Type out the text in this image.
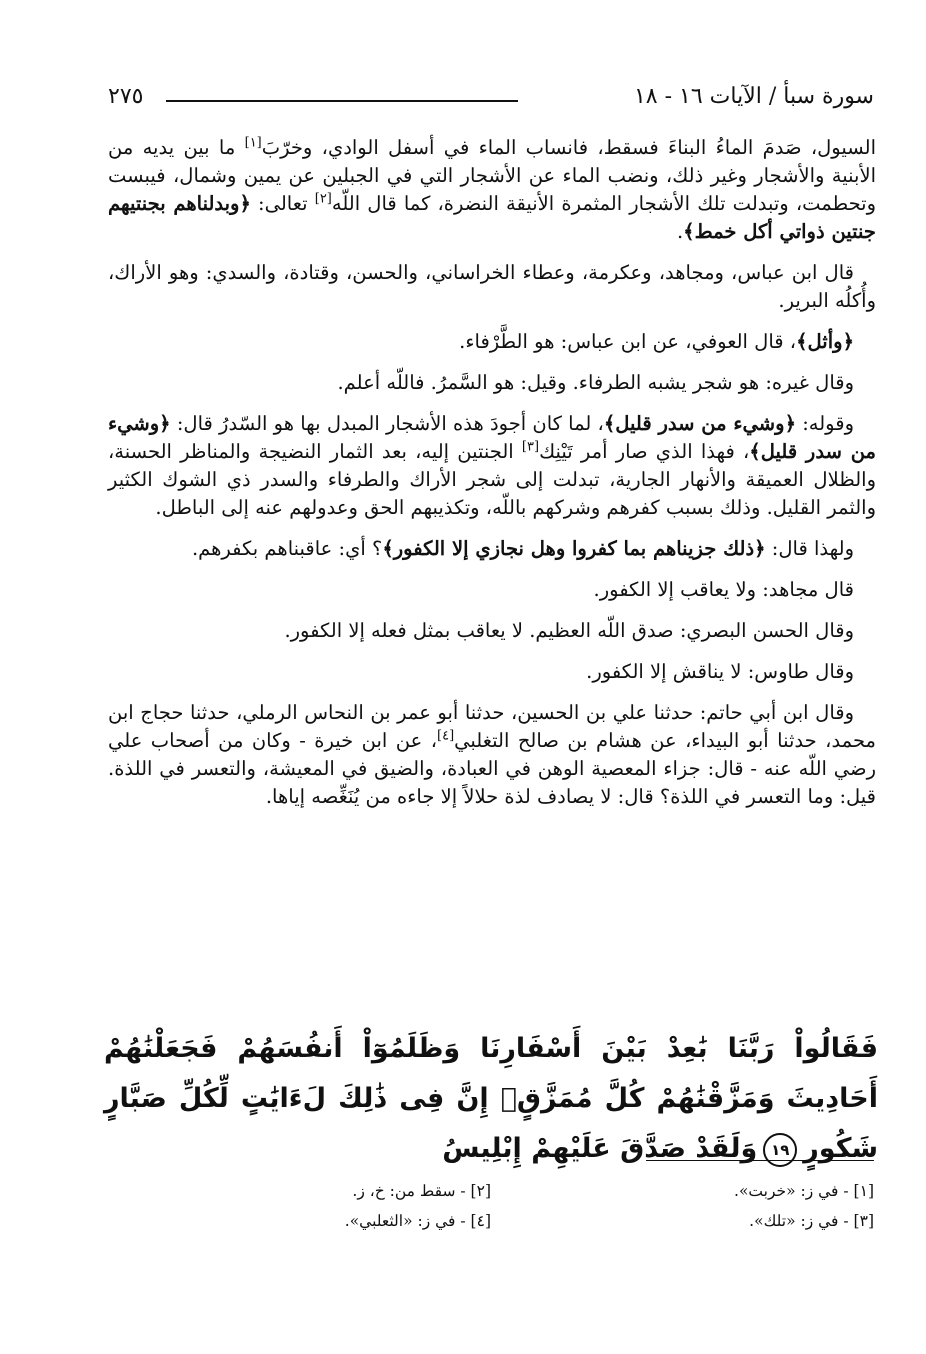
سورة سبأ / الآيات ١٦ - ١٨
٢٧٥

السيول، صَدمَ الماءُ البناءَ فسقط، فانساب الماء في أسفل الوادي، وخرّبَ[١] ما بين يديه من الأبنية والأشجار وغير ذلك، ونضب الماء عن الأشجار التي في الجبلين عن يمين وشمال، فيبست وتحطمت، وتبدلت تلك الأشجار المثمرة الأنيقة النضرة، كما قال اللّه[٢] تعالى: ﴿وبدلناهم بجنتيهم جنتين ذواتي أكل خمط﴾.

قال ابن عباس، ومجاهد، وعكرمة، وعطاء الخراساني، والحسن، وقتادة، والسدي: وهو الأراك، وأُكلُه البرير.

﴿وأثل﴾، قال العوفي، عن ابن عباس: هو الطَّرْفاء.

وقال غيره: هو شجر يشبه الطرفاء. وقيل: هو السَّمرُ. فاللّه أعلم.

وقوله: ﴿وشيء من سدر قليل﴾، لما كان أجودَ هذه الأشجار المبدل بها هو السّدرُ قال: ﴿وشيء من سدر قليل﴾، فهذا الذي صار أمر تَيْنِك[٣] الجنتين إليه، بعد الثمار النضيجة والمناظر الحسنة، والظلال العميقة والأنهار الجارية، تبدلت إلى شجر الأراك والطرفاء والسدر ذي الشوك الكثير والثمر القليل. وذلك بسبب كفرهم وشركهم باللّه، وتكذيبهم الحق وعدولهم عنه إلى الباطل.

ولهذا قال: ﴿ذلك جزيناهم بما كفروا وهل نجازي إلا الكفور﴾؟ أي: عاقبناهم بكفرهم.

قال مجاهد: ولا يعاقب إلا الكفور.

وقال الحسن البصري: صدق اللّه العظيم. لا يعاقب بمثل فعله إلا الكفور.

وقال طاوس: لا يناقش إلا الكفور.

وقال ابن أبي حاتم: حدثنا علي بن الحسين، حدثنا أبو عمر بن النحاس الرملي، حدثنا حجاج ابن محمد، حدثنا أبو البيداء، عن هشام بن صالح التغلبي[٤]، عن ابن خيرة - وكان من أصحاب علي رضي اللّه عنه - قال: جزاء المعصية الوهن في العبادة، والضيق في المعيشة، والتعسر في اللذة. قيل: وما التعسر في اللذة؟ قال: لا يصادف لذة حلالاً إلا جاءه من يُنَغِّصه إياها.

فَقَالُواْ رَبَّنَا بَٰعِدْ بَيْنَ أَسْفَارِنَا وَظَلَمُوٓاْ أَنفُسَهُمْ فَجَعَلْنَٰهُمْ أَحَادِيثَ وَمَزَّقْنَٰهُمْ كُلَّ مُمَزَّقٍۚ إِنَّ فِى ذَٰلِكَ لَءَايَٰتٍ لِّكُلِّ صَبَّارٍ شَكُورٍ١٩وَلَقَدْ صَدَّقَ عَلَيْهِمْ إِبْلِيسُ
[١] - في ز: «خربت».
[٢] - سقط من: خ، ز.
[٣] - في ز: «تلك».
[٤] - في ز: «الثعلبي».
